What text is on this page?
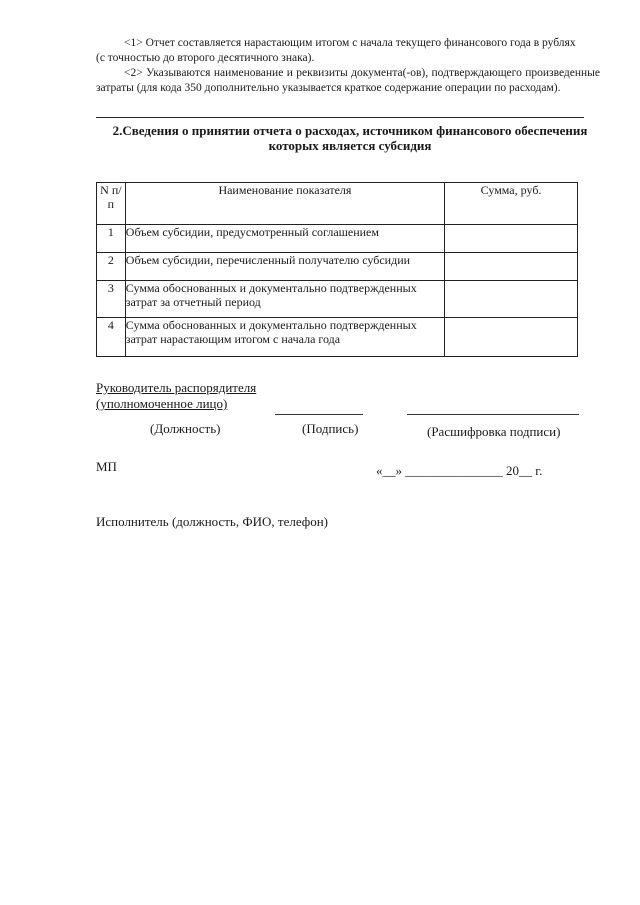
<1> Отчет составляется нарастающим итогом с начала текущего финансового года в рублях

(с точностью до второго десятичного знака).

<2> Указываются наименование и реквизиты документа(-ов), подтверждающего произведенные затраты (для кода 350 дополнительно указывается краткое содержание операции по расходам).

2.Сведения о принятии отчета о расходах, источником финансового обеспечения
которых является субсидия
N п/п	Наименование показателя	Сумма, руб.
1	Объем субсидии, предусмотренный соглашением	
2	Объем субсидии, перечисленный получателю субсидии	
3	Сумма обоснованных и документально подтвержденных затрат за отчетный период	
4	Сумма обоснованных и документально подтвержденных затрат нарастающим итогом с начала года	
Руководитель распорядителя
(уполномоченное лицо)
(Должность)	(Подпись)	(Расшифровка подписи)
МП	«__» _______________ 20__ г.
Исполнитель (должность, ФИО, телефон)
